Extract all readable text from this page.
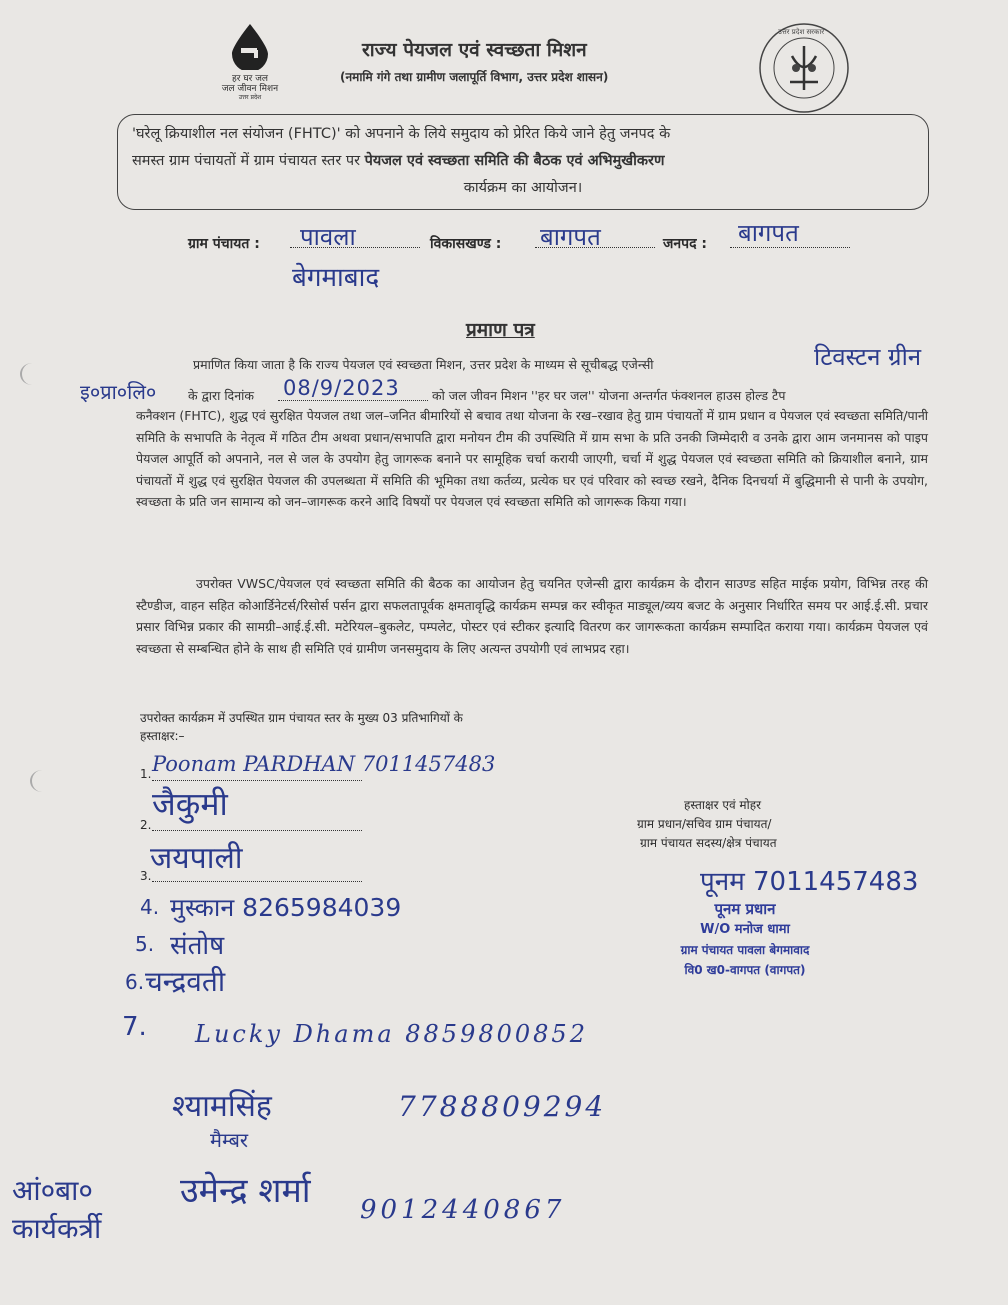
हर घर जल
जल जीवन मिशन
उत्तर प्रदेश
राज्य पेयजल एवं स्वच्छता मिशन
(नमामि गंगे तथा ग्रामीण जलापूर्ति विभाग, उत्तर प्रदेश शासन)
उत्तर प्रदेश सरकार
'घरेलू क्रियाशील नल संयोजन (FHTC)' को अपनाने के लिये समुदाय को प्रेरित किये जाने हेतु जनपद के
समस्त ग्राम पंचायतों में ग्राम पंचायत स्तर पर पेयजल एवं स्वच्छता समिति की बैठक एवं अभिमुखीकरण
कार्यक्रम का आयोजन।
ग्राम पंचायत : पावला	विकासखण्ड : बागपत	जनपद : बागपत
बेगमाबाद
प्रमाण पत्र
प्रमाणित किया जाता है कि राज्य पेयजल एवं स्वच्छता मिशन, उत्तर प्रदेश के माध्यम से सूचीबद्ध एजेन्सी	टिवस्टन ग्रीन
इ०प्रा०लि०	के द्वारा दिनांक 08/9/2023	को जल जीवन मिशन ''हर घर जल'' योजना अन्तर्गत फंक्शनल हाउस होल्ड टैप
कनैक्शन (FHTC), शुद्ध एवं सुरक्षित पेयजल तथा जल–जनित बीमारियों से बचाव तथा योजना के रख–रखाव हेतु ग्राम पंचायतों में ग्राम प्रधान व पेयजल एवं स्वच्छता समिति/पानी समिति के सभापति के नेतृत्व में गठित टीम अथवा प्रधान/सभापति द्वारा मनोयन टीम की उपस्थिति में ग्राम सभा के प्रति उनकी जिम्मेदारी व उनके द्वारा आम जनमानस को पाइप पेयजल आपूर्ति को अपनाने, नल से जल के उपयोग हेतु जागरूक बनाने पर सामूहिक चर्चा करायी जाएगी, चर्चा में शुद्ध पेयजल एवं स्वच्छता समिति को क्रियाशील बनाने, ग्राम पंचायतों में शुद्ध एवं सुरक्षित पेयजल की उपलब्धता में समिति की भूमिका तथा कर्तव्य, प्रत्येक घर एवं परिवार को स्वच्छ रखने, दैनिक दिनचर्या में बुद्धिमानी से पानी के उपयोग, स्वच्छता के प्रति जन सामान्य को जन–जागरूक करने आदि विषयों पर पेयजल एवं स्वच्छता समिति को जागरूक किया गया।
उपरोक्त VWSC/पेयजल एवं स्वच्छता समिति की बैठक का आयोजन हेतु चयनित एजेन्सी द्वारा कार्यक्रम के दौरान साउण्ड सहित माईक प्रयोग, विभिन्न तरह की स्टैण्डीज, वाहन सहित कोआर्डिनेटर्स/रिसोर्स पर्सन द्वारा सफलतापूर्वक क्षमतावृद्धि कार्यक्रम सम्पन्न कर स्वीकृत माड्यूल/व्यय बजट के अनुसार निर्धारित समय पर आई.ई.सी. प्रचार प्रसार विभिन्न प्रकार की सामग्री–आई.ई.सी. मटेरियल–बुकलेट, पम्पलेट, पोस्टर एवं स्टीकर इत्यादि वितरण कर जागरूकता कार्यक्रम सम्पादित कराया गया। कार्यक्रम पेयजल एवं स्वच्छता से सम्बन्धित होने के साथ ही समिति एवं ग्रामीण जनसमुदाय के लिए अत्यन्त उपयोगी एवं लाभप्रद रहा।
उपरोक्त कार्यक्रम में उपस्थित ग्राम पंचायत स्तर के मुख्य 03 प्रतिभागियों के
हस्ताक्षर:–
1. Poonam PARDHAN 7011457483
जैकुमी
2.
जयपाली
3.
4. मुस्कान 8265984039
5. संतोष
6. चन्द्रवती
7. Lucky Dhama 8859800852
श्यामसिंह
मैम्बर
7788809294
आं०बा० कार्यकर्त्री
उमेन्द्र शर्मा 9012440867
हस्ताक्षर एवं मोहर
ग्राम प्रधान/सचिव ग्राम पंचायत/
ग्राम पंचायत सदस्य/क्षेत्र पंचायत
पूनम 7011457483
पूनम प्रधान
W/O मनोज धामा
ग्राम पंचायत पावला बेगमावाद
वि0 ख0-वागपत (वागपत)
